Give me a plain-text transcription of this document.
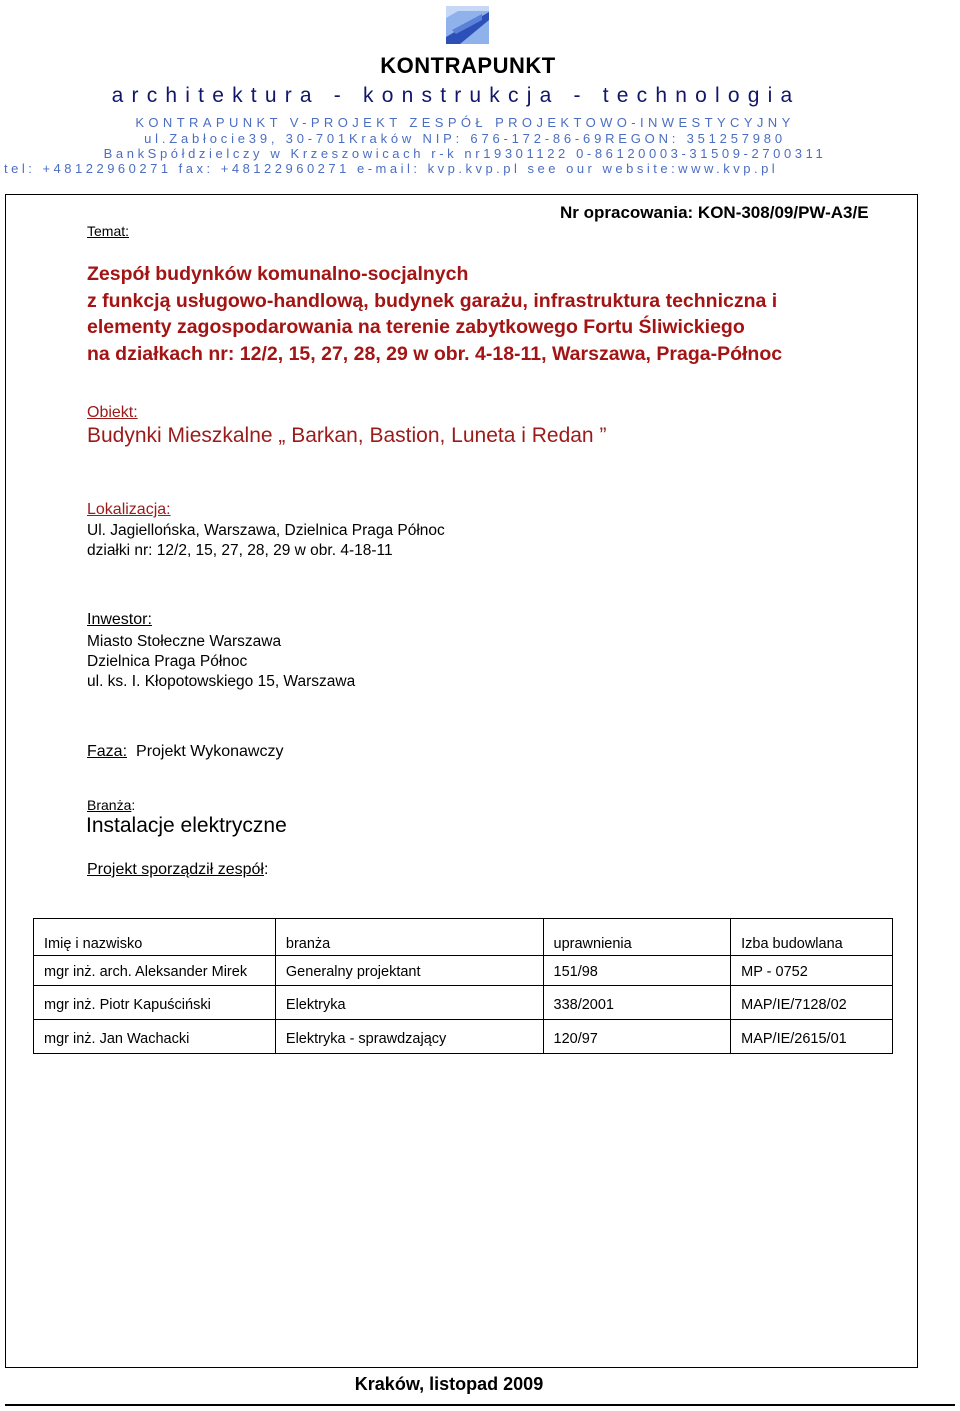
KONTRAPUNKT
architektura - konstrukcja - technologia
KONTRAPUNKT V-PROJEKT ZESPÓŁ PROJEKTOWO-INWESTYCYJNY
ul.Zabłocie39, 30-701Kraków NIP: 676-172-86-69REGON: 351257980
BankSpółdzielczy w Krzeszowicach r-k nr19301122 0-86120003-31509-2700311
tel: +48122960271 fax: +48122960271 e-mail: kvp.kvp.pl see our website:www.kvp.pl
Temat:
Nr opracowania: KON-308/09/PW-A3/E
Zespół budynków komunalno-socjalnych
z funkcją usługowo-handlową, budynek garażu, infrastruktura techniczna i
elementy zagospodarowania na terenie zabytkowego Fortu Śliwickiego
na działkach nr: 12/2, 15, 27, 28, 29 w obr. 4-18-11, Warszawa, Praga-Północ
Obiekt:
Budynki Mieszkalne „ Barkan, Bastion, Luneta i Redan ”
Lokalizacja:
Ul. Jagiellońska, Warszawa, Dzielnica Praga Północ
działki nr: 12/2, 15, 27, 28, 29 w obr. 4-18-11
Inwestor:
Miasto Stołeczne Warszawa
Dzielnica Praga Północ
ul. ks. I. Kłopotowskiego 15, Warszawa
Faza: Projekt Wykonawczy
Branża:
Instalacje elektryczne
Projekt sporządził zespół:
Imię i nazwisko	branża	uprawnienia	Izba budowlana
mgr inż. arch. Aleksander Mirek	Generalny projektant	151/98	MP - 0752
mgr inż. Piotr Kapuściński	Elektryka	338/2001	MAP/IE/7128/02
mgr inż. Jan Wachacki	Elektryka - sprawdzający	120/97	MAP/IE/2615/01
Kraków, listopad 2009
